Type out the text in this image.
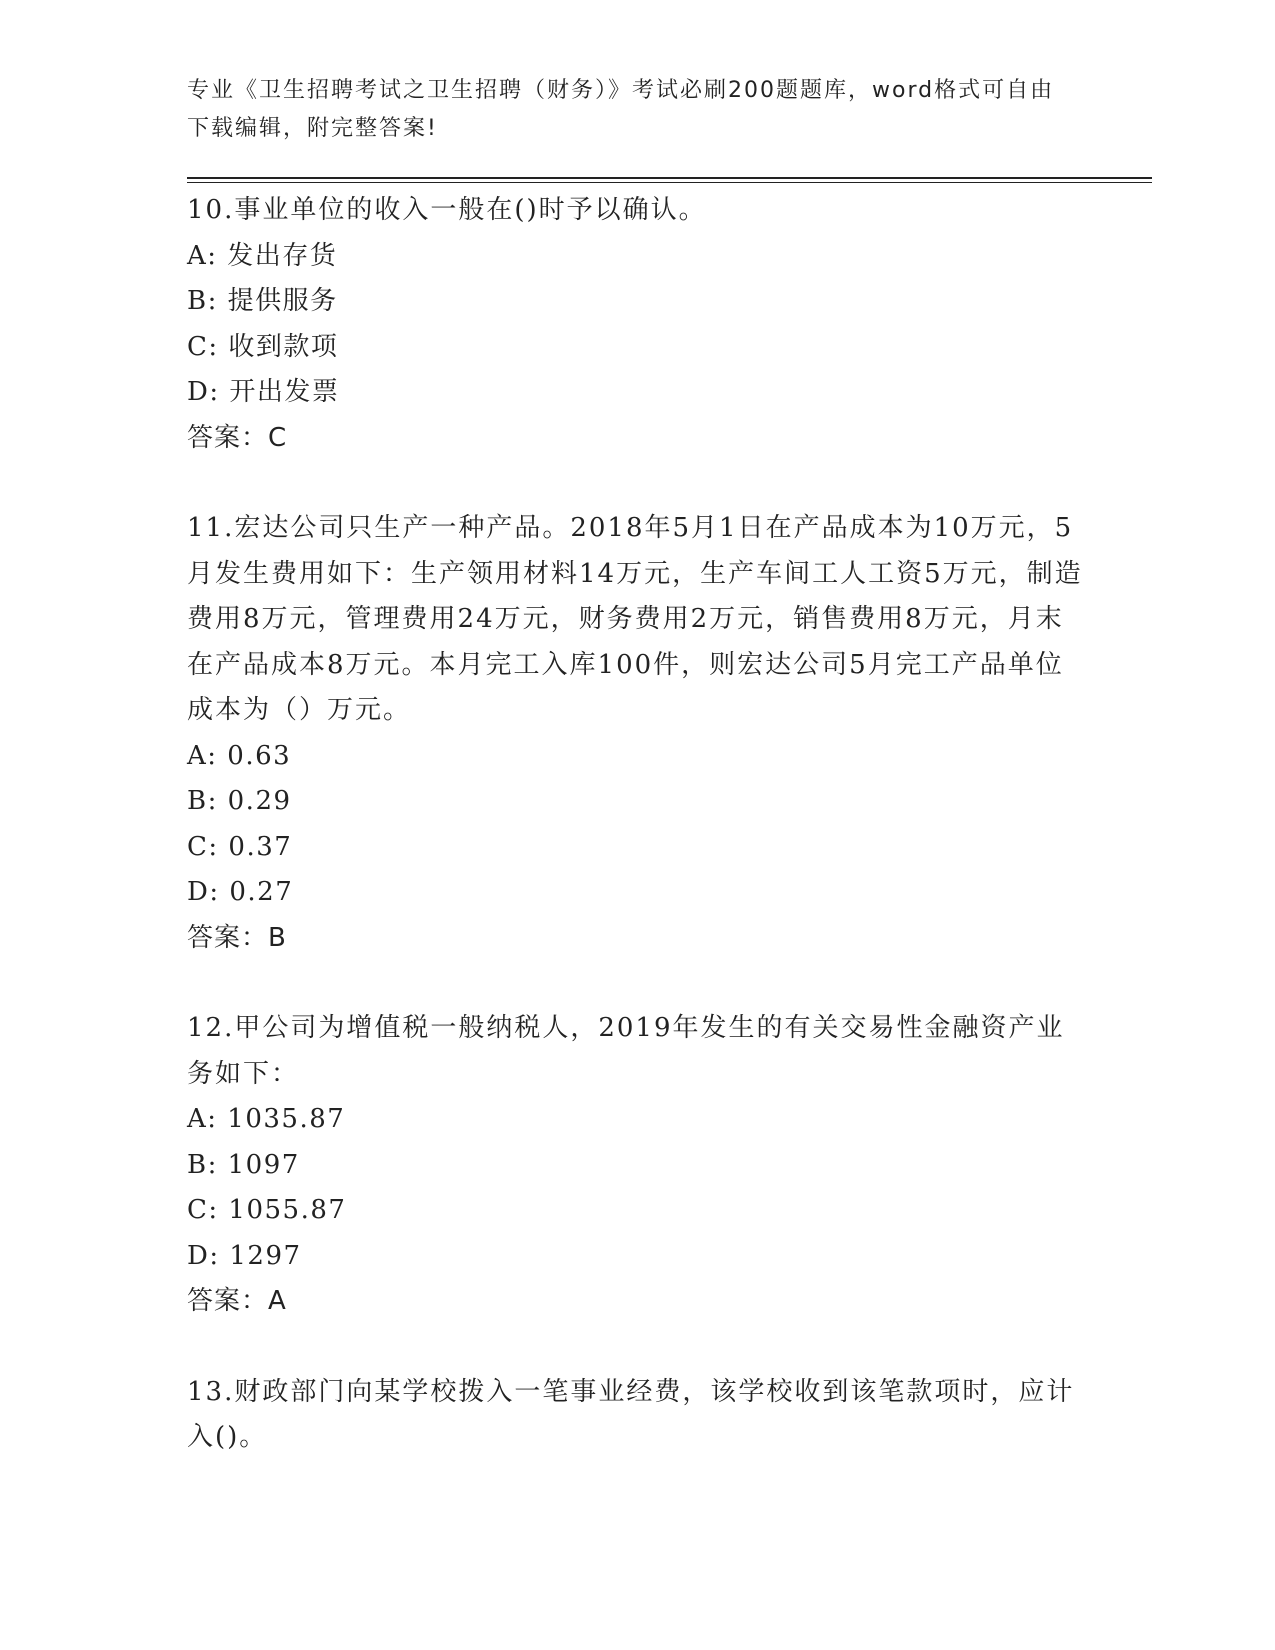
专业《卫生招聘考试之卫生招聘（财务）》考试必刷200题题库，word格式可自由下载编辑，附完整答案!

10.事业单位的收入一般在()时予以确认。

A: 发出存货

B: 提供服务

C: 收到款项

D: 开出发票

答案：C

11.宏达公司只生产一种产品。2018年5月1日在产品成本为10万元，5月发生费用如下：生产领用材料14万元，生产车间工人工资5万元，制造费用8万元，管理费用24万元，财务费用2万元，销售费用8万元，月末在产品成本8万元。本月完工入库100件，则宏达公司5月完工产品单位成本为（）万元。

A: 0.63

B: 0.29

C: 0.37

D: 0.27

答案：B

12.甲公司为增值税一般纳税人，2019年发生的有关交易性金融资产业务如下：

A: 1035.87

B: 1097

C: 1055.87

D: 1297

答案：A

13.财政部门向某学校拨入一笔事业经费，该学校收到该笔款项时，应计入()。
